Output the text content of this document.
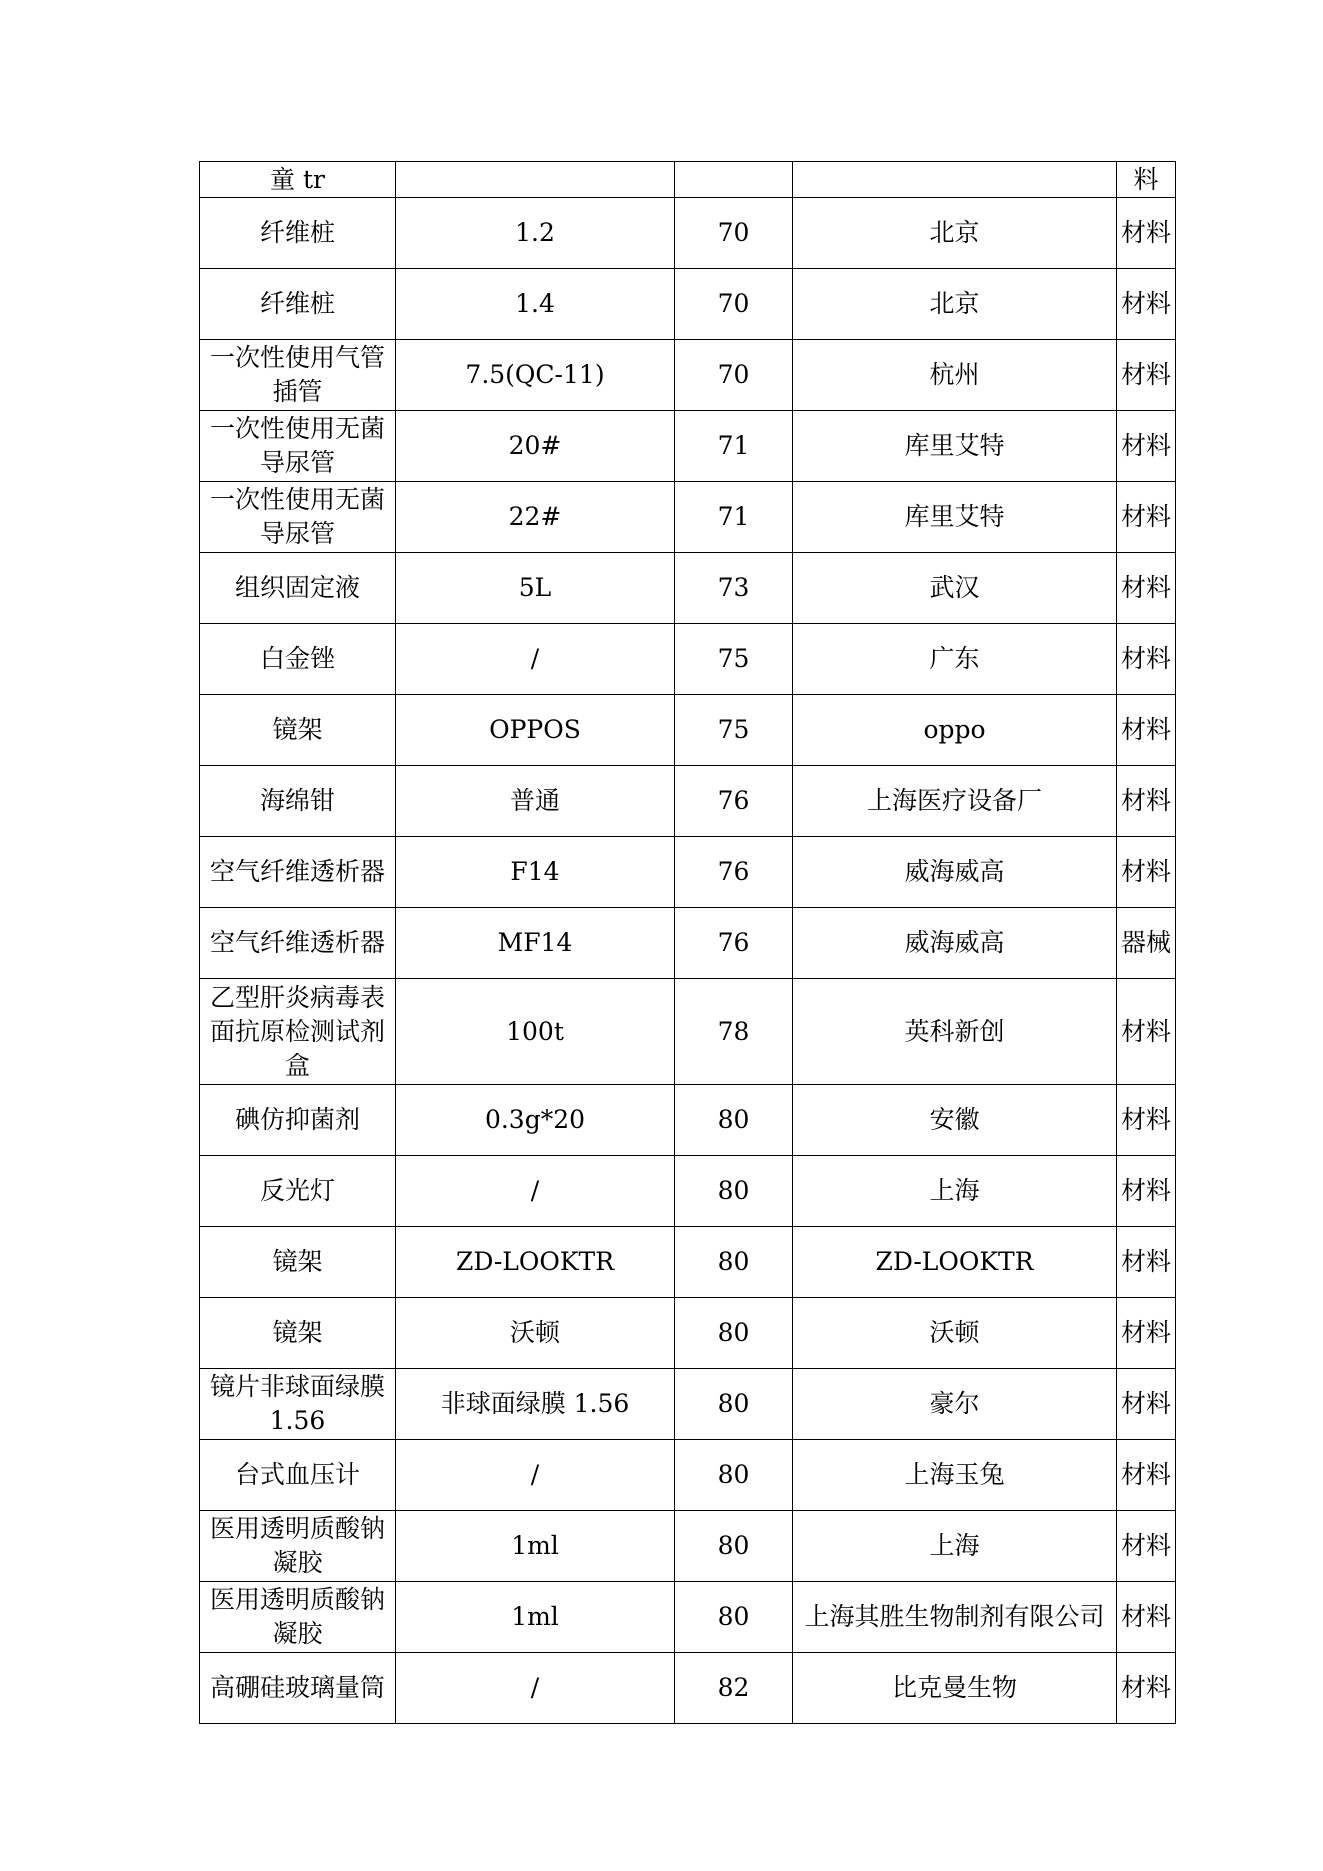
童 tr				料
纤维桩	1.2	70	北京	材料
纤维桩	1.4	70	北京	材料
一次性使用气管插管	7.5(QC-11)	70	杭州	材料
一次性使用无菌导尿管	20#	71	库里艾特	材料
一次性使用无菌导尿管	22#	71	库里艾特	材料
组织固定液	5L	73	武汉	材料
白金锉	/	75	广东	材料
镜架	OPPOS	75	oppo	材料
海绵钳	普通	76	上海医疗设备厂	材料
空气纤维透析器	F14	76	威海威高	材料
空气纤维透析器	MF14	76	威海威高	器械
乙型肝炎病毒表面抗原检测试剂盒	100t	78	英科新创	材料
碘仿抑菌剂	0.3g*20	80	安徽	材料
反光灯	/	80	上海	材料
镜架	ZD-LOOKTR	80	ZD-LOOKTR	材料
镜架	沃顿	80	沃顿	材料
镜片非球面绿膜 1.56	非球面绿膜 1.56	80	豪尔	材料
台式血压计	/	80	上海玉兔	材料
医用透明质酸钠凝胶	1ml	80	上海	材料
医用透明质酸钠凝胶	1ml	80	上海其胜生物制剂有限公司	材料
高硼硅玻璃量筒	/	82	比克曼生物	材料
